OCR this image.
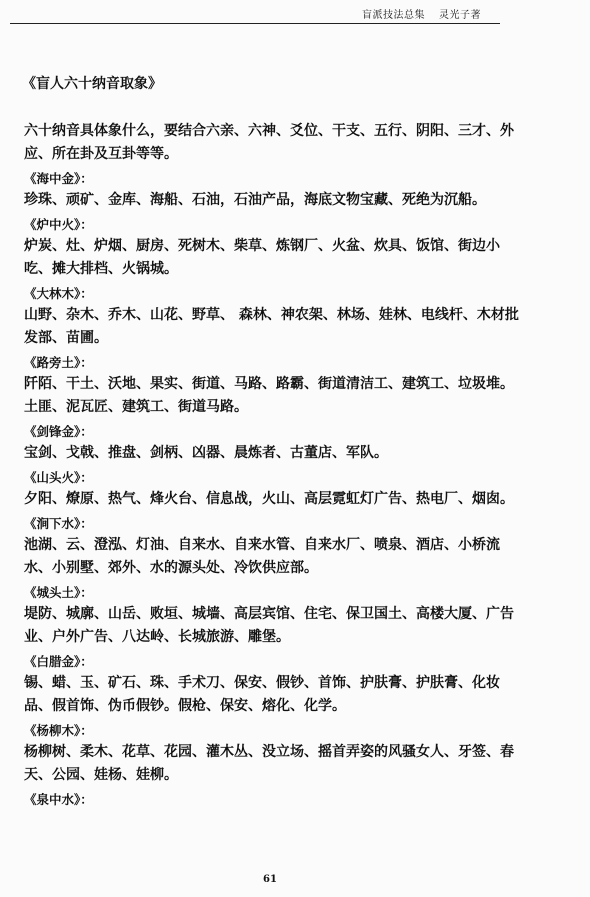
盲派技法总集 灵光子著
《盲人六十纳音取象》
六十纳音具体象什么，要结合六亲、六神、爻位、干支、五行、阴阳、三才、外应、所在卦及互卦等等。
《海中金》：
珍珠、顽矿、金库、海船、石油，石油产品，海底文物宝藏、死绝为沉船。
《炉中火》：
炉炭、灶、炉烟、厨房、死树木、柴草、炼钢厂、火盆、炊具、饭馆、街边小吃、摊大排档、火锅城。
《大林木》：
山野、杂木、乔木、山花、野草、 森林、神农架、林场、娃林、电线杆、木材批发部、苗圃。
《路旁土》：
阡陌、干土、沃地、果实、街道、马路、路霸、街道清洁工、建筑工、垃圾堆。土匪、泥瓦匠、建筑工、街道马路。
《剑锋金》：
宝剑、戈戟、推盘、剑柄、凶器、晨炼者、古董店、军队。
《山头火》：
夕阳、燎原、热气、烽火台、信息战，火山、高层霓虹灯广告、热电厂、烟囱。
《涧下水》：
池湖、云、澄泓、灯油、自来水、自来水管、自来水厂、喷泉、酒店、小桥流水、小别墅、郊外、水的源头处、冷饮供应部。
《城头土》：
堤防、城廓、山岳、败垣、城墙、高层宾馆、住宅、保卫国土、高楼大厦、广告业、户外广告、八达岭、长城旅游、雕堡。
《白腊金》：
锡、蜡、玉、矿石、珠、手术刀、保安、假钞、首饰、护肤膏、护肤膏、化妆品、假首饰、伪币假钞。假枪、保安、熔化、化学。
《杨柳木》：
杨柳树、柔木、花草、花园、灌木丛、没立场、摇首弄姿的风骚女人、牙签、春天、公园、娃杨、娃柳。
《泉中水》：
61
